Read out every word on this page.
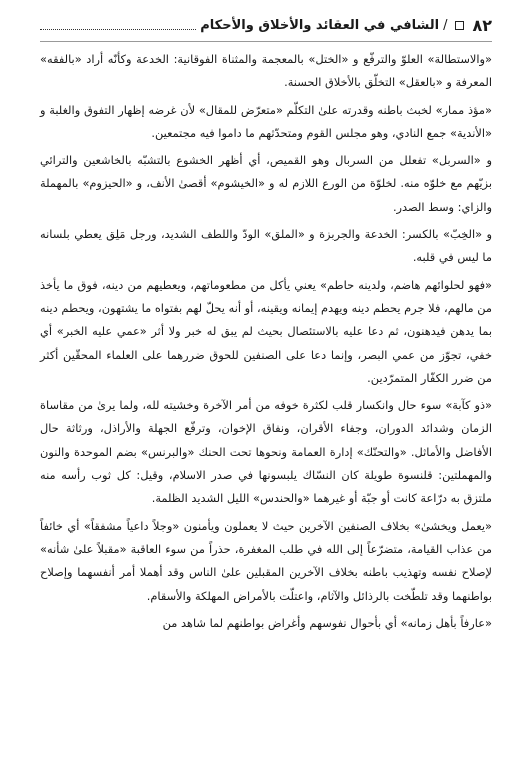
٨٢
/
الشافي في العقائد والأخلاق والأحكام

«والاستطالة» العلوّ والترفّع و «الختل» بالمعجمة والمثناة الفوقانية: الخدعة وكأنّه أراد «بالفقه» المعرفة و «بالعقل» التخلّق بالأخلاق الحسنة.

«مؤذ ممار» لخبث باطنه وقدرته علىٰ التكلّم «متعرّض للمقال» لأن غرضه إظهار التفوق والغلبة و «الأندية» جمع النادي، وهو مجلس القوم ومتحدّثهم ما داموا فيه مجتمعين.

و «السربل» تفعلل من السربال وهو القميص، أي أظهر الخشوع بالتشبّه بالخاشعين والترائي بزيّهم مع خلوّه منه. لخلوّة من الورع اللازم له و «الخيشوم» أقصىٰ الأنف، و «الحيزوم» بالمهملة والزاي: وسط الصدر.

و «الخِبّ» بالكسر: الخدعة والجربزة و «الملق» الودّ واللطف الشديد، ورجل مَلِق يعطي بلسانه ما ليس في قلبه.

«فهو لحلوائهم هاضم، ولدينه حاطم» يعني يأكل من مطعوماتهم، ويعطيهم من دينه، فوق ما يأخذ من مالهم، فلا جرم يحطم دينه ويهدم إيمانه ويقينه، أو أنه يحلّ لهم بفتواه ما يشتهون، ويحطم دينه بما يدهن فيدهنون، ثم دعا عليه بالاستئصال بحيث لم يبق له خبر ولا أثر «عمي عليه الخبر» أي خفي، تجوّز من عمي البصر، وإنما دعا على الصنفين للحوق ضررهما على العلماء المحقّين أكثر من ضرر الكفّار المتمرّدين.

«ذو كآبة» سوء حال وانكسار قلب لكثرة خوفه من أمر الآخرة وخشيته لله، ولما يرىٰ من مقاساة الزمان وشدائد الدوران، وجفاء الأقران، ونفاق الإخوان، وترفّع الجهلة والأراذل، ورثاثة حال الأفاضل والأماثل. «والتحنّك» إدارة العمامة ونحوها تحت الحنك «والبرنس» بضم الموحدة والنون والمهملتين: قلنسوة طويلة كان النسّاك يلبسونها في صدر الاسلام، وقيل: كل ثوب رأسه منه ملتزق به درّاعة كانت أو جبّة أو غيرهما «والحندس» الليل الشديد الظلمة.

«يعمل ويخشىٰ» بخلاف الصنفين الآخرين حيث لا يعملون ويأمنون «وجلاً داعياً مشفقاً» أي خائفاً من عذاب القيامة، متضرّعاً إلى الله في طلب المغفرة، حذراً من سوء العاقبة «مقبلاً علىٰ شأنه» لإصلاح نفسه وتهذيب باطنه بخلاف الآخرين المقبلين علىٰ الناس وقد أهملا أمر أنفسهما وإصلاح بواطنهما وقد تلطّخت بالرذائل والآثام، واعتلّت بالأمراض المهلكة والأسقام.

«عارفاً بأهل زمانه» أي بأحوال نفوسهم وأغراض بواطنهم لما شاهد من
